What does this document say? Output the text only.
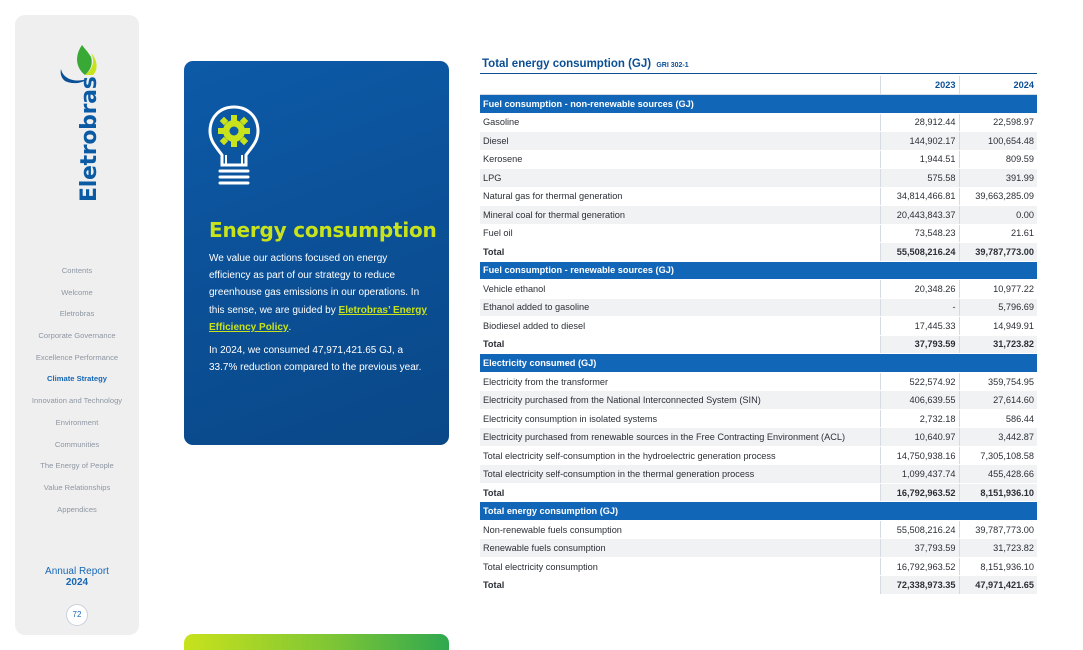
Eletrobras
Contents
Welcome
Eletrobras
Corporate Governance
Excellence Performance
Climate Strategy
Innovation and Technology
Environment
Communities
The Energy of People
Value Relationships
Appendices
Annual Report
2024
72
Energy consumption

We value our actions focused on energy efficiency as part of our strategy to reduce greenhouse gas emissions in our operations. In this sense, we are guided by Eletrobras’ Energy Efficiency Policy.

In 2024, we consumed 47,971,421.65 GJ, a 33.7% reduction compared to the previous year.

Total energy consumption (GJ) GRI 302-1
	2023	2024
Fuel consumption - non-renewable sources (GJ)		
Gasoline	28,912.44	22,598.97
Diesel	144,902.17	100,654.48
Kerosene	1,944.51	809.59
LPG	575.58	391.99
Natural gas for thermal generation	34,814,466.81	39,663,285.09
Mineral coal for thermal generation	20,443,843.37	0.00
Fuel oil	73,548.23	21.61
Total	55,508,216.24	39,787,773.00
Fuel consumption - renewable sources (GJ)		
Vehicle ethanol	20,348.26	10,977.22
Ethanol added to gasoline	-	5,796.69
Biodiesel added to diesel	17,445.33	14,949.91
Total	37,793.59	31,723.82
Electricity consumed (GJ)		
Electricity from the transformer	522,574.92	359,754.95
Electricity purchased from the National Interconnected System (SIN)	406,639.55	27,614.60
Electricity consumption in isolated systems	2,732.18	586.44
Electricity purchased from renewable sources in the Free Contracting Environment (ACL)	10,640.97	3,442.87
Total electricity self-consumption in the hydroelectric generation process	14,750,938.16	7,305,108.58
Total electricity self-consumption in the thermal generation process	1,099,437.74	455,428.66
Total	16,792,963.52	8,151,936.10
Total energy consumption (GJ)		
Non-renewable fuels consumption	55,508,216.24	39,787,773.00
Renewable fuels consumption	37,793.59	31,723.82
Total electricity consumption	16,792,963.52	8,151,936.10
Total	72,338,973.35	47,971,421.65
